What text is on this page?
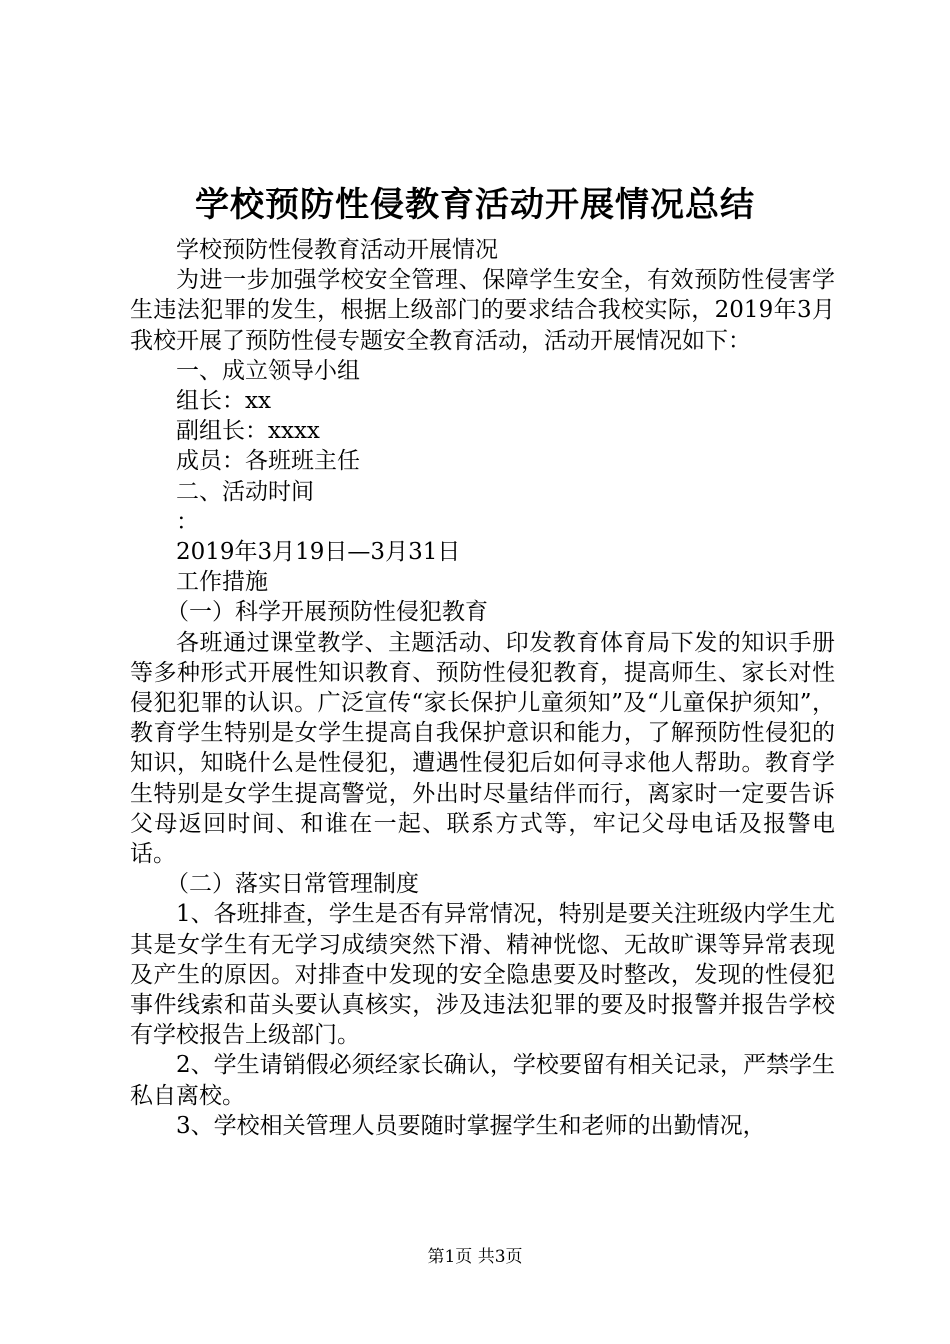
学校预防性侵教育活动开展情况总结

学校预防性侵教育活动开展情况

为进一步加强学校安全管理、保障学生安全，有效预防性侵害学生违法犯罪的发生，根据上级部门的要求结合我校实际，2019年3月我校开展了预防性侵专题安全教育活动，活动开展情况如下：

一、成立领导小组

组长：xx

副组长：xxxx

成员：各班班主任

二、活动时间

：

2019年3月19日—3月31日

工作措施

（一）科学开展预防性侵犯教育

各班通过课堂教学、主题活动、印发教育体育局下发的知识手册等多种形式开展性知识教育、预防性侵犯教育，提高师生、家长对性侵犯犯罪的认识。广泛宣传“家长保护儿童须知”及“儿童保护须知”，教育学生特别是女学生提高自我保护意识和能力，了解预防性侵犯的知识，知晓什么是性侵犯，遭遇性侵犯后如何寻求他人帮助。教育学生特别是女学生提高警觉，外出时尽量结伴而行，离家时一定要告诉父母返回时间、和谁在一起、联系方式等，牢记父母电话及报警电话。

（二）落实日常管理制度

1、各班排查，学生是否有异常情况，特别是要关注班级内学生尤其是女学生有无学习成绩突然下滑、精神恍惚、无故旷课等异常表现及产生的原因。对排查中发现的安全隐患要及时整改，发现的性侵犯事件线索和苗头要认真核实，涉及违法犯罪的要及时报警并报告学校有学校报告上级部门。

2、学生请销假必须经家长确认，学校要留有相关记录，严禁学生私自离校。

3、学校相关管理人员要随时掌握学生和老师的出勤情况，

第1页 共3页
